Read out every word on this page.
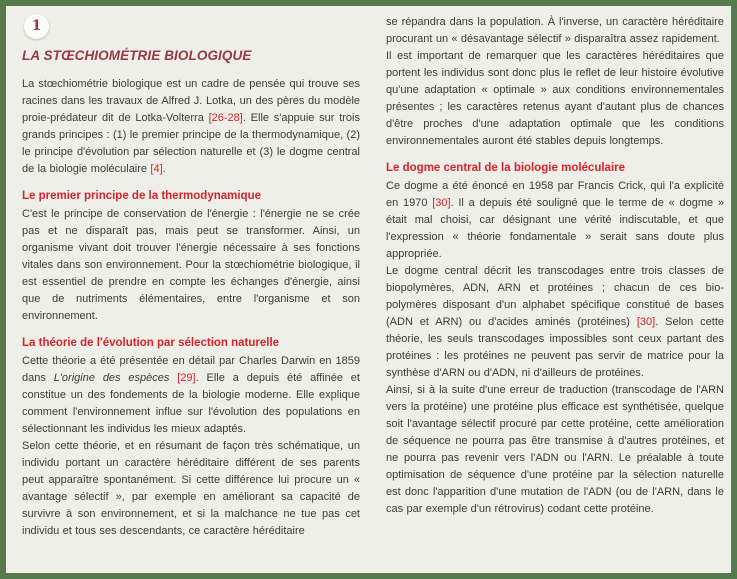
1
LA STŒCHIOMÉTRIE BIOLOGIQUE

La stœchiométrie biologique est un cadre de pensée qui trouve ses racines dans les travaux de Alfred J. Lotka, un des pères du modèle proie-prédateur dit de Lotka-Volterra [26-28]. Elle s'appuie sur trois grands principes : (1) le premier principe de la thermodynamique, (2) le principe d'évolution par sélection naturelle et (3) le dogme central de la biologie moléculaire [4].

Le premier principe de la thermodynamique

C'est le principe de conservation de l'énergie : l'énergie ne se crée pas et ne disparaît pas, mais peut se transformer. Ainsi, un organisme vivant doit trouver l'énergie nécessaire à ses fonctions vitales dans son environnement. Pour la stœchiométrie biologique, il est essentiel de prendre en compte les échanges d'énergie, ainsi que de nutriments élémentaires, entre l'organisme et son environnement.

La théorie de l'évolution par sélection naturelle

Cette théorie a été présentée en détail par Charles Darwin en 1859 dans L'origine des espèces [29]. Elle a depuis été affinée et constitue un des fondements de la biologie moderne. Elle explique comment l'environnement influe sur l'évolution des populations en sélectionnant les individus les mieux adaptés.

Selon cette théorie, et en résumant de façon très schématique, un individu portant un caractère héréditaire différent de ses parents peut apparaître spontanément. Si cette différence lui procure un « avantage sélectif », par exemple en améliorant sa capacité de survivre à son environnement, et si la malchance ne tue pas cet individu et tous ses descendants, ce caractère héréditaire

se répandra dans la population. À l'inverse, un caractère héréditaire procurant un « désavantage sélectif » disparaîtra assez rapidement.

Il est important de remarquer que les caractères héréditaires que portent les individus sont donc plus le reflet de leur histoire évolutive qu'une adaptation « optimale » aux conditions environnementales présentes ; les caractères retenus ayant d'autant plus de chances d'être proches d'une adaptation optimale que les conditions environnementales auront été stables depuis longtemps.

Le dogme central de la biologie moléculaire

Ce dogme a été énoncé en 1958 par Francis Crick, qui l'a explicité en 1970 [30]. Il a depuis été souligné que le terme de « dogme » était mal choisi, car désignant une vérité indiscutable, et que l'expression « théorie fondamentale » serait sans doute plus appropriée.

Le dogme central décrit les transcodages entre trois classes de biopolymères, ADN, ARN et protéines ; chacun de ces bio-polymères disposant d'un alphabet spécifique constitué de bases (ADN et ARN) ou d'acides aminés (protéines) [30]. Selon cette théorie, les seuls transcodages impossibles sont ceux partant des protéines : les protéines ne peuvent pas servir de matrice pour la synthèse d'ARN ou d'ADN, ni d'ailleurs de protéines.

Ainsi, si à la suite d'une erreur de traduction (transcodage de l'ARN vers la protéine) une protéine plus efficace est synthétisée, quelque soit l'avantage sélectif procuré par cette protéine, cette amélioration de séquence ne pourra pas être transmise à d'autres protéines, et ne pourra pas revenir vers l'ADN ou l'ARN. Le préalable à toute optimisation de séquence d'une protéine par la sélection naturelle est donc l'apparition d'une mutation de l'ADN (ou de l'ARN, dans le cas par exemple d'un rétrovirus) codant cette protéine.
